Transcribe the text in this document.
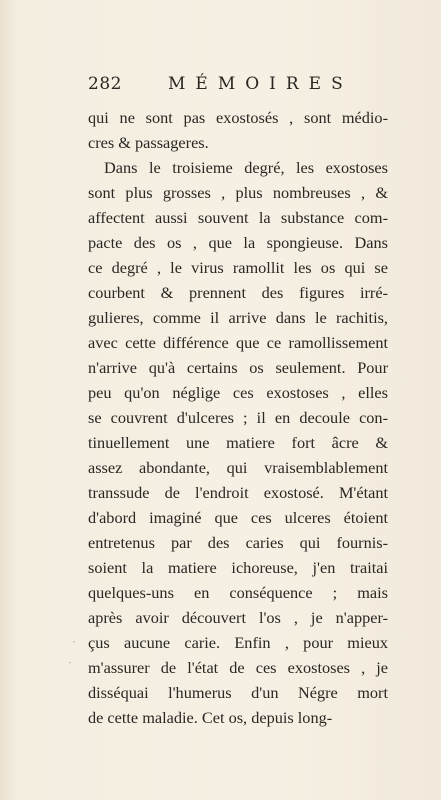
282	MÉMOIRES
qui ne sont pas exostosés , sont médio-
cres & passageres.
Dans le troisieme degré, les exostoses
sont plus grosses , plus nombreuses , &
affectent aussi souvent la substance com-
pacte des os , que la spongieuse. Dans
ce degré , le virus ramollit les os qui se
courbent & prennent des figures irré-
gulieres, comme il arrive dans le rachitis,
avec cette différence que ce ramollissement
n'arrive qu'à certains os seulement. Pour
peu qu'on néglige ces exostoses , elles
se couvrent d'ulceres ; il en decoule con-
tinuellement une matiere fort âcre &
assez abondante, qui vraisemblablement
transsude de l'endroit exostosé. M'étant
d'abord imaginé que ces ulceres étoient
entretenus par des caries qui fournis-
soient la matiere ichoreuse, j'en traitai
quelques-uns en conséquence ; mais
après avoir découvert l'os , je n'apper-
çus aucune carie. Enfin , pour mieux
m'assurer de l'état de ces exostoses , je
disséquai l'humerus d'un Négre mort
de cette maladie. Cet os, depuis long-
·
·
